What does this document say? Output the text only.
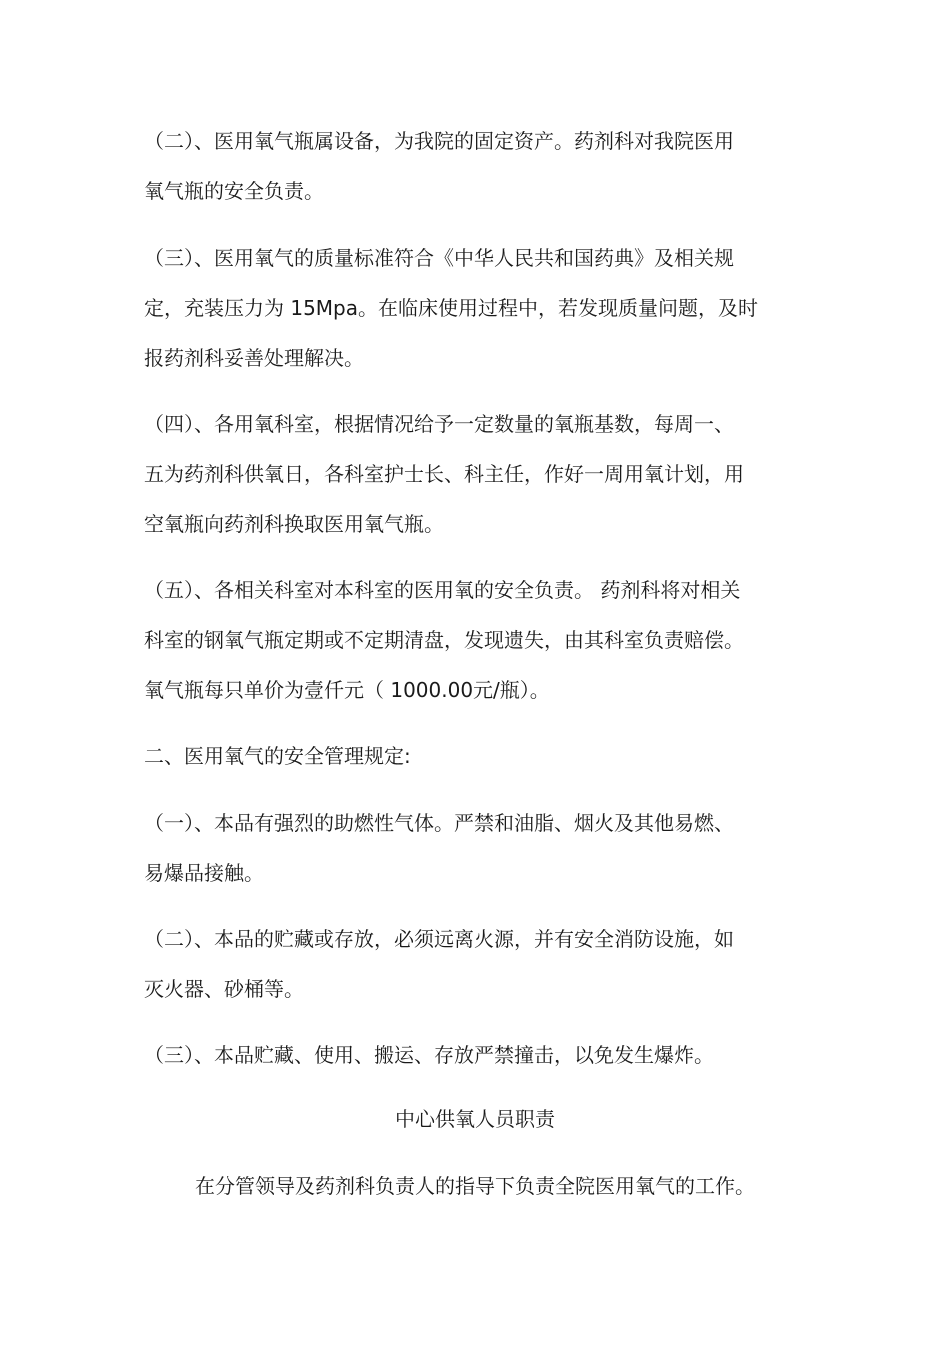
（二）、医用氧气瓶属设备，为我院的固定资产。药剂科对我院医用
氧气瓶的安全负责。
（三）、医用氧气的质量标准符合《中华人民共和国药典》及相关规
定，充装压力为 15Mpa。在临床使用过程中，若发现质量问题，及时
报药剂科妥善处理解决。
（四）、各用氧科室，根据情况给予一定数量的氧瓶基数，每周一、
五为药剂科供氧日，各科室护士长、科主任，作好一周用氧计划，用
空氧瓶向药剂科换取医用氧气瓶。
（五）、各相关科室对本科室的医用氧的安全负责。 药剂科将对相关
科室的钢氧气瓶定期或不定期清盘，发现遗失，由其科室负责赔偿。
氧气瓶每只单价为壹仟元（ 1000.00元/瓶）。
二、医用氧气的安全管理规定:
（一）、本品有强烈的助燃性气体。严禁和油脂、烟火及其他易燃、
易爆品接触。
（二）、本品的贮藏或存放，必须远离火源，并有安全消防设施，如
灭火器、砂桶等。
（三）、本品贮藏、使用、搬运、存放严禁撞击，以免发生爆炸。
中心供氧人员职责
在分管领导及药剂科负责人的指导下负责全院医用氧气的工作。
